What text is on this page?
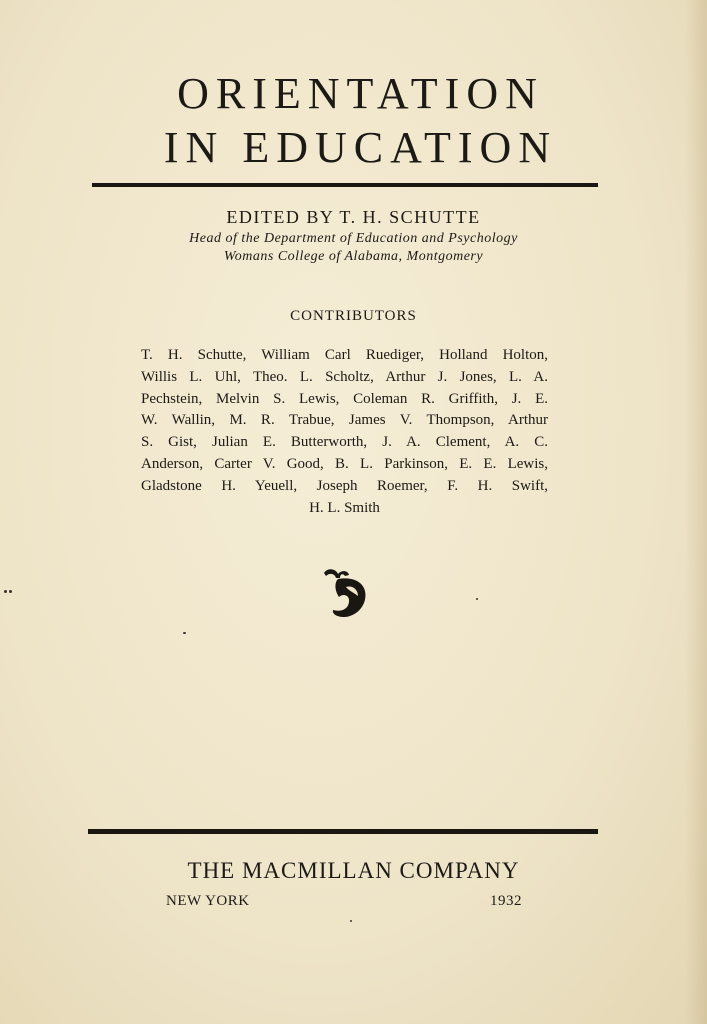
ORIENTATION
IN EDUCATION
EDITED BY T. H. SCHUTTE
Head of the Department of Education and Psychology
Womans College of Alabama, Montgomery
CONTRIBUTORS
T. H. Schutte, William Carl Ruediger, Holland Holton,
Willis L. Uhl, Theo. L. Scholtz, Arthur J. Jones, L. A.
Pechstein, Melvin S. Lewis, Coleman R. Griffith, J. E.
W. Wallin, M. R. Trabue, James V. Thompson, Arthur
S. Gist, Julian E. Butterworth, J. A. Clement, A. C.
Anderson, Carter V. Good, B. L. Parkinson, E. E. Lewis,
Gladstone H. Yeuell, Joseph Roemer, F. H. Swift,
H. L. Smith
THE MACMILLAN COMPANY
NEW YORK	1932
